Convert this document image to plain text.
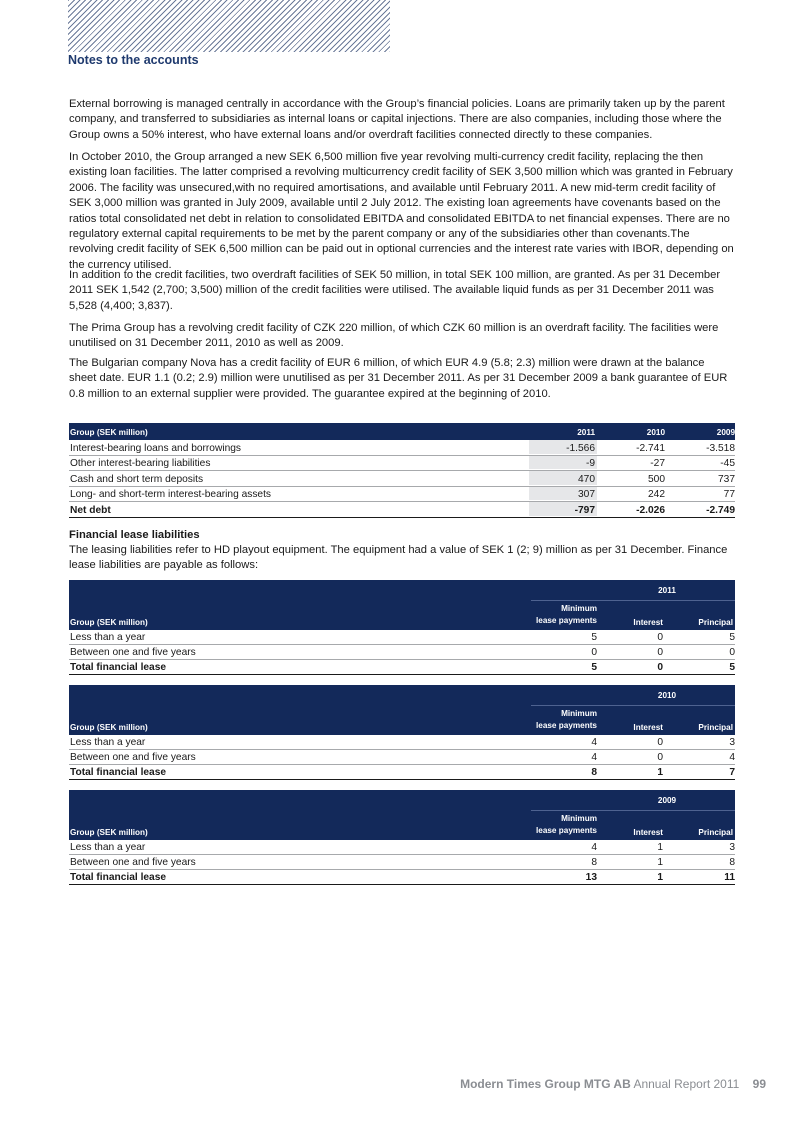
Notes to the accounts

External borrowing is managed centrally in accordance with the Group’s financial policies. Loans are primarily taken up by the parent company, and transferred to subsidiaries as internal loans or capital injections. There are also companies, including those where the Group owns a 50% interest, who have external loans and/or overdraft facilities connected directly to these companies.

In October 2010, the Group arranged a new SEK 6,500 million five year revolving multi-currency credit facility, replacing the then existing loan facilities. The latter comprised a revolving multicurrency credit facility of SEK 3,500 million which was granted in February 2006. The facility was unsecured,with no required amortisations, and available until February 2011. A new mid-term credit facility of SEK 3,000 million was granted in July 2009, available until 2 July 2012. The existing loan agreements have covenants based on the ratios total consolidated net debt in relation to consolidated EBITDA and consolidated EBITDA to net financial expenses. There are no regulatory external capital requirements to be met by the parent company or any of the subsidiaries other than covenants.The revolving credit facility of SEK 6,500 million can be paid out in optional currencies and the interest rate varies with IBOR, depending on the currency utilised.

In addition to the credit facilities, two overdraft facilities of SEK 50 million, in total SEK 100 million, are granted. As per 31 December 2011 SEK 1,542 (2,700; 3,500) million of the credit facilities were utilised. The available liquid funds as per 31 December 2011 was 5,528 (4,400; 3,837).

The Prima Group has a revolving credit facility of CZK 220 million, of which CZK 60 million is an overdraft facility. The facilities were unutilised on 31 December 2011, 2010 as well as 2009.

The Bulgarian company Nova has a credit facility of EUR 6 million, of which EUR 4.9 (5.8; 2.3) million were drawn at the balance sheet date. EUR 1.1 (0.2; 2.9) million were unutilised as per 31 December 2011. As per 31 December 2009 a bank guarantee of EUR 0.8 million to an external supplier were provided. The guarantee expired at the beginning of 2010.

Group (SEK million)	2011	2010	2009
Interest-bearing loans and borrowings	-1.566	-2.741	-3.518
Other interest-bearing liabilities	-9	-27	-45
Cash and short term deposits	470	500	737
Long- and short-term interest-bearing assets	307	242	77
Net debt	-797	-2.026	-2.749
Financial lease liabilities

The leasing liabilities refer to HD playout equipment. The equipment had a value of SEK 1 (2; 9) million as per 31 December. Finance lease liabilities are payable as follows:

2011
Group (SEK million)
Minimum
lease payments	Interest	Principal
Less than a year	5	0	5
Between one and five years	0	0	0
Total financial lease	5	0	5
2010
Group (SEK million)
Minimum
lease payments	Interest	Principal
Less than a year	4	0	3
Between one and five years	4	0	4
Total financial lease	8	1	7
2009
Group (SEK million)
Minimum
lease payments	Interest	Principal
Less than a year	4	1	3
Between one and five years	8	1	8
Total financial lease	13	1	11
Modern Times Group MTG AB Annual Report 2011 99
